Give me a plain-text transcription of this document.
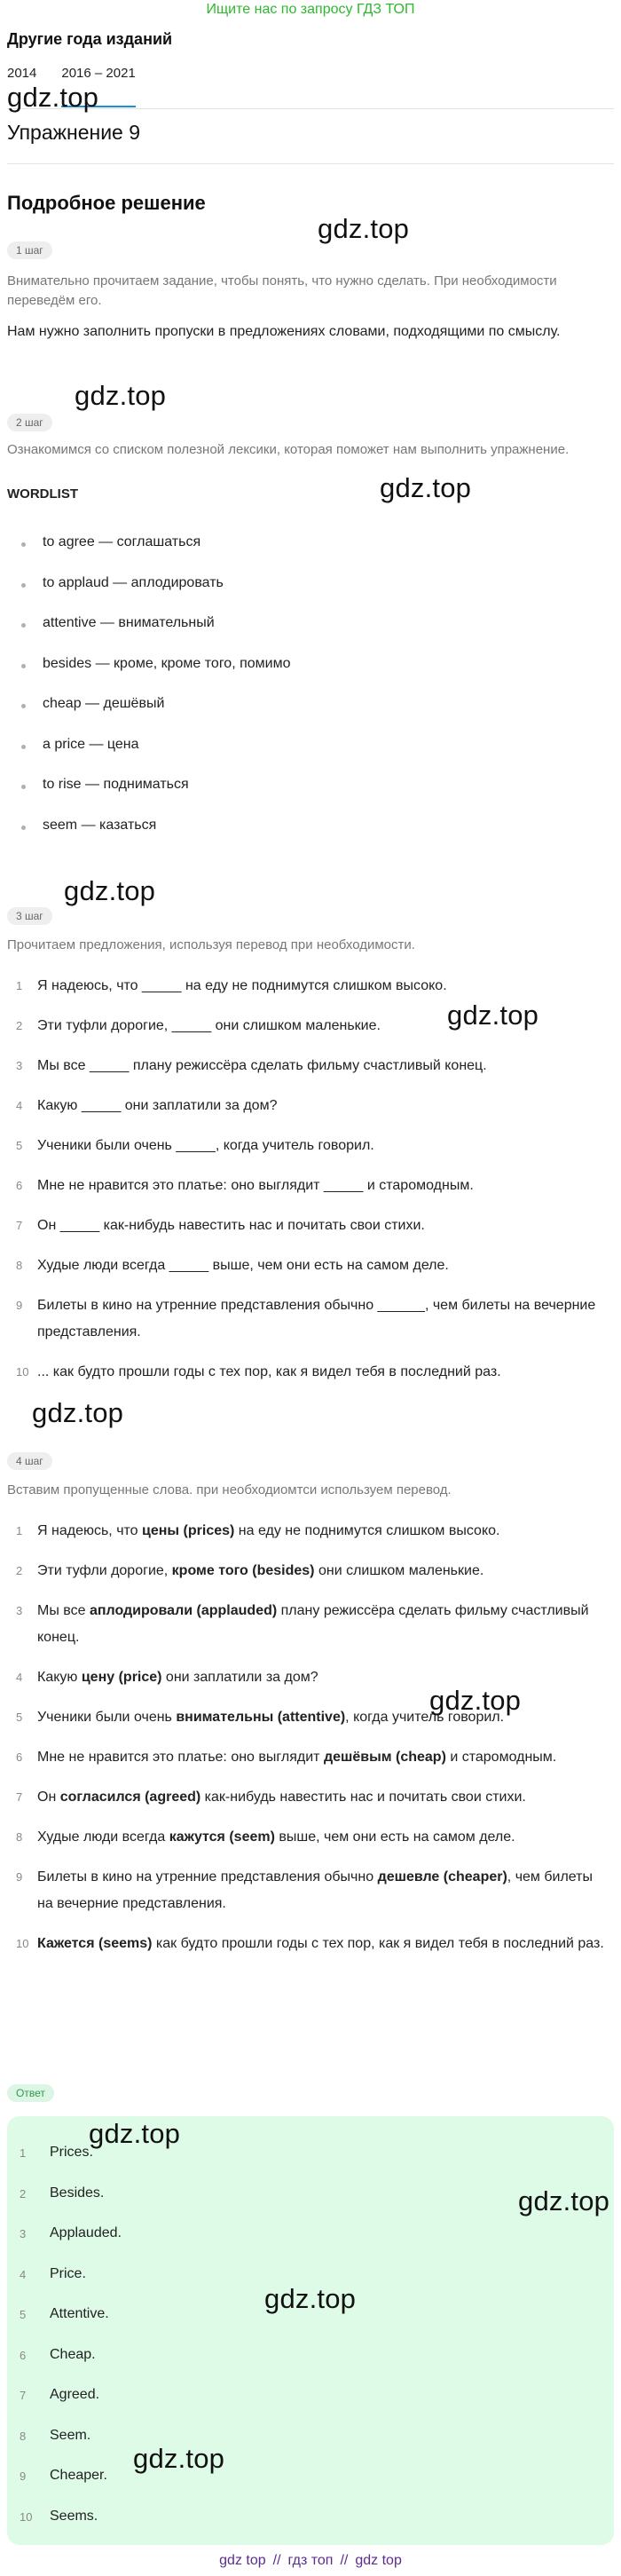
Ищите нас по запросу ГДЗ ТОП
Другие года изданий
2014 2016 – 2021
Упражнение 9
Подробное решение
1 шаг
Внимательно прочитаем задание, чтобы понять, что нужно сделать. При необходимости переведём его.
Нам нужно заполнить пропуски в предложениях словами, подходящими по смыслу.
2 шаг
Ознакомимся со списком полезной лексики, которая поможет нам выполнить упражнение.
WORDLIST
to agree — соглашаться
to applaud — аплодировать
attentive — внимательный
besides — кроме, кроме того, помимо
cheap — дешёвый
a price — цена
to rise — подниматься
seem — казаться
3 шаг
Прочитаем предложения, используя перевод при необходимости.
1	Я надеюсь, что _____ на еду не поднимутся слишком высоко.
2	Эти туфли дорогие, _____ они слишком маленькие.
3	Мы все _____ плану режиссёра сделать фильму счастливый конец.
4	Какую _____ они заплатили за дом?
5	Ученики были очень _____, когда учитель говорил.
6	Мне не нравится это платье: оно выглядит _____ и старомодным.
7	Он _____ как-нибудь навестить нас и почитать свои стихи.
8	Худые люди всегда _____ выше, чем они есть на самом деле.
9	Билеты в кино на утренние представления обычно ______, чем билеты на вечерние представления.
10 ... как будто прошли годы с тех пор, как я видел тебя в последний раз.
4 шаг
Вставим пропущенные слова. при необходиомтси используем перевод.
1	Я надеюсь, что цены (prices) на еду не поднимутся слишком высоко.
2	Эти туфли дорогие, кроме того (besides) они слишком маленькие.
3	Мы все аплодировали (applauded) плану режиссёра сделать фильму счастливый конец.
4	Какую цену (price) они заплатили за дом?
5	Ученики были очень внимательны (attentive), когда учитель говорил.
6	Мне не нравится это платье: оно выглядит дешёвым (cheap) и старомодным.
7	Он согласился (agreed) как-нибудь навестить нас и почитать свои стихи.
8	Худые люди всегда кажутся (seem) выше, чем они есть на самом деле.
9	Билеты в кино на утренние представления обычно дешевле (cheaper), чем билеты на вечерние представления.
10 Кажется (seems) как будто прошли годы с тех пор, как я видел тебя в последний раз.
Ответ
1	Prices.
2	Besides.
3	Applauded.
4	Price.
5	Attentive.
6	Cheap.
7	Agreed.
8	Seem.
9	Cheaper.
10	Seems.
gdz.top
gdz.top
gdz.top
gdz.top
gdz.top
gdz.top
gdz.top
gdz.top
gdz.top
gdz.top
gdz.top
gdz.top
gdz top // гдз топ // gdz top
